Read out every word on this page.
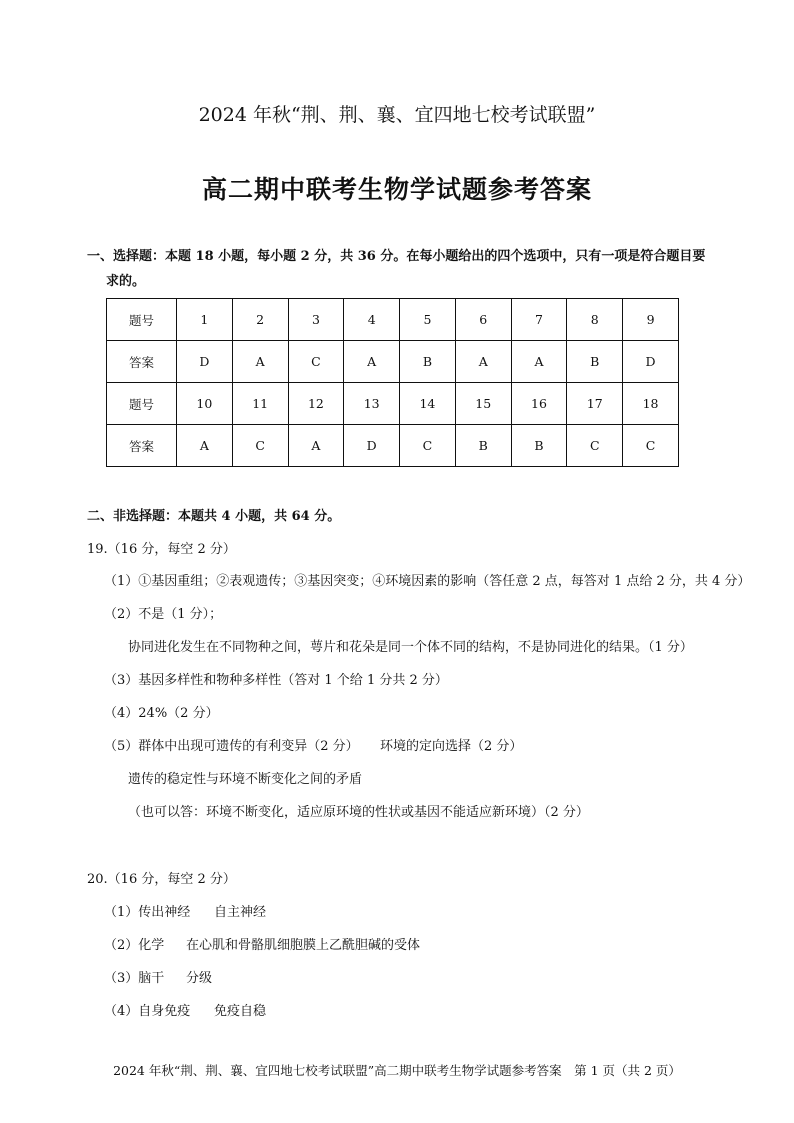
2024 年秋“荆、荆、襄、宜四地七校考试联盟”
高二期中联考生物学试题参考答案
一、选择题：本题 18 小题，每小题 2 分，共 36 分。在每小题给出的四个选项中，只有一项是符合题目要
求的。
题号	1	2	3	4	5	6	7	8	9
答案	D	A	C	A	B	A	A	B	D
题号	10	11	12	13	14	15	16	17	18
答案	A	C	A	D	C	B	B	C	C
二、非选择题：本题共 4 小题，共 64 分。
19.（16 分，每空 2 分）
（1）①基因重组；②表观遗传；③基因突变；④环境因素的影响（答任意 2 点，每答对 1 点给 2 分，共 4 分）
（2）不是（1 分）；
协同进化发生在不同物种之间，萼片和花朵是同一个体不同的结构，不是协同进化的结果。（1 分）
（3）基因多样性和物种多样性（答对 1 个给 1 分共 2 分）
（4）24%（2 分）
（5）群体中出现可遗传的有利变异（2 分） 环境的定向选择（2 分）
遗传的稳定性与环境不断变化之间的矛盾
（也可以答：环境不断变化，适应原环境的性状或基因不能适应新环境）（2 分）
20.（16 分，每空 2 分）
（1）传出神经 自主神经
（2）化学 在心肌和骨骼肌细胞膜上乙酰胆碱的受体
（3）脑干 分级
（4）自身免疫 免疫自稳
2024 年秋“荆、荆、襄、宜四地七校考试联盟”高二期中联考生物学试题参考答案　第 1 页（共 2 页）
